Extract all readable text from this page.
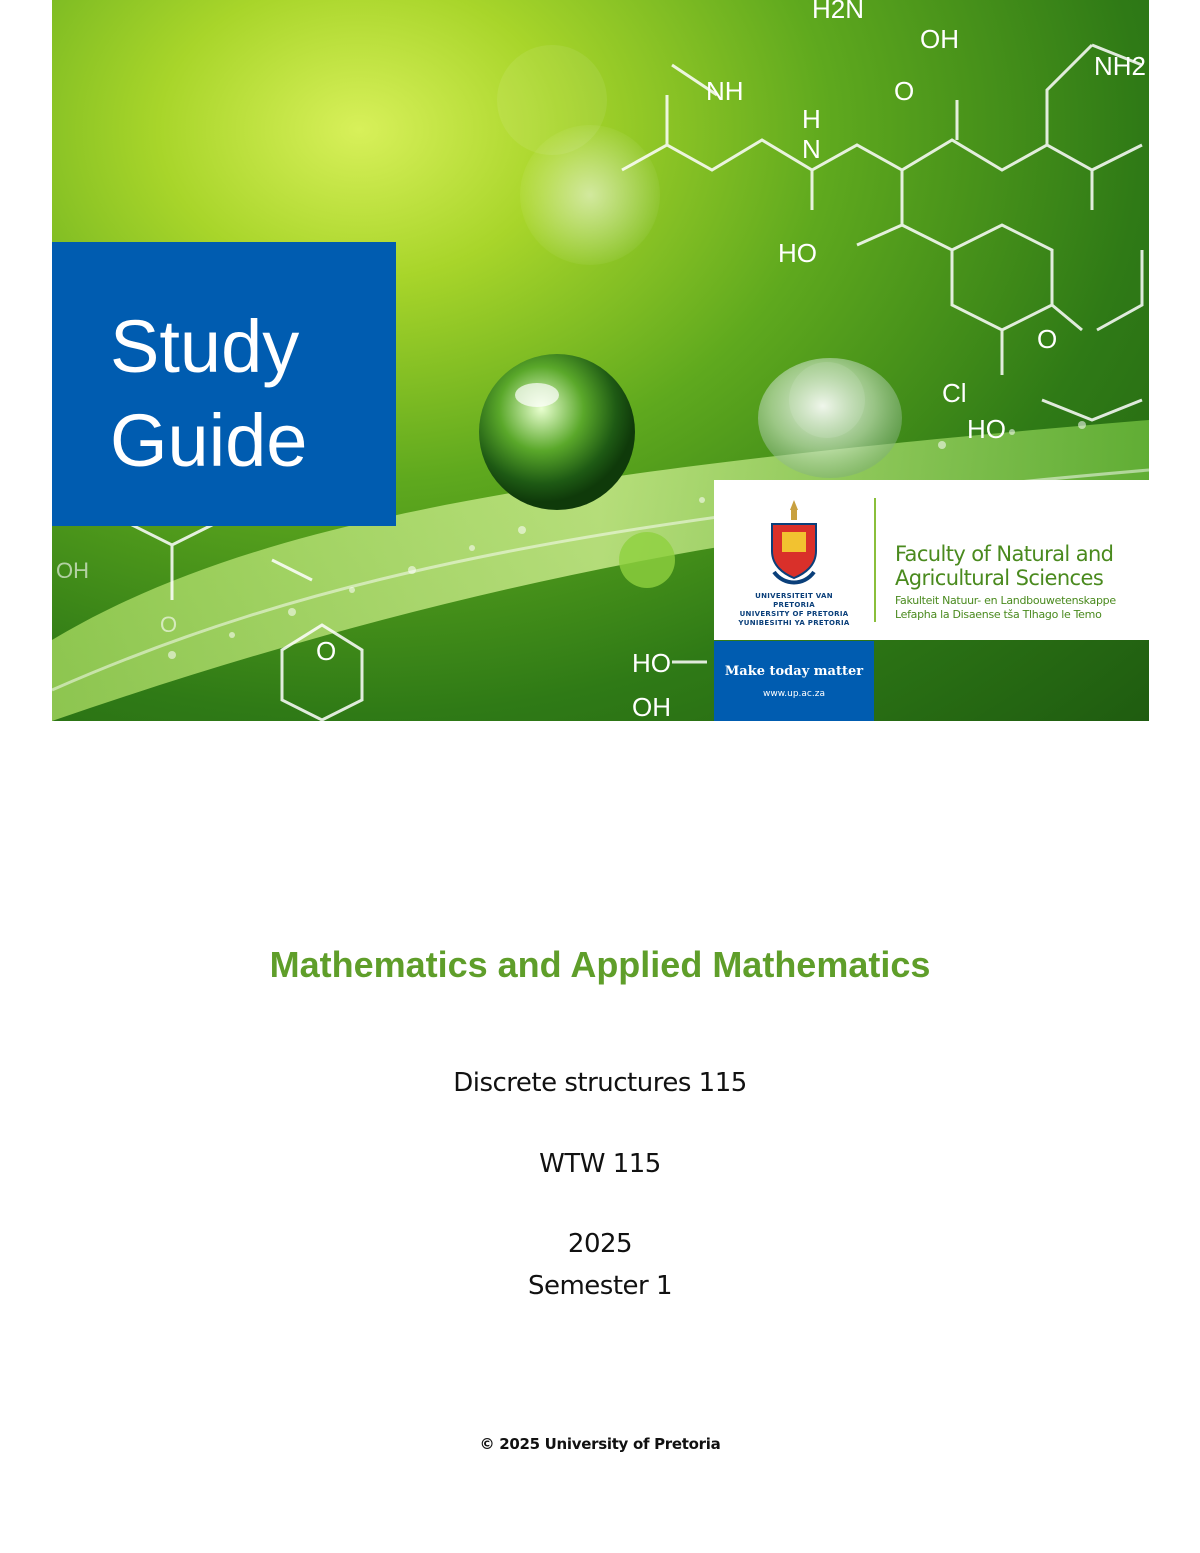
H2N
OH
NH2
NH	O
H
N
HO
Cl
O
HO
HO
OH
O
OH
O
Study
Guide
UNIVERSITEIT VAN PRETORIA
UNIVERSITY OF PRETORIA
YUNIBESITHI YA PRETORIA
Faculty of Natural and
Agricultural Sciences
Fakulteit Natuur- en Landbouwetenskappe
Lefapha la Disaense tša Tlhago le Temo
Make today matter
www.up.ac.za
Mathematics and Applied Mathematics
Discrete structures 115
WTW 115
2025
Semester 1
© 2025 University of Pretoria
